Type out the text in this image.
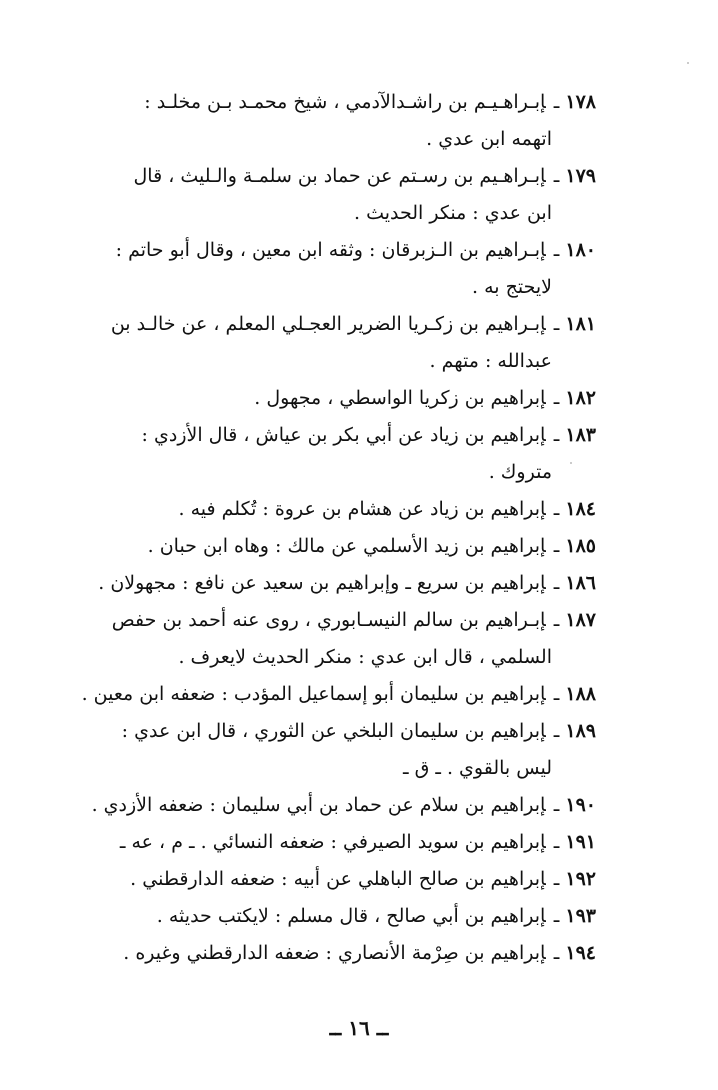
١٧٨ـإبـراهـيـم بن راشـدالآدمي ، شيخ محمـد بـن مخلـد :
اتهمه ابن عدي .
١٧٩ـإبـراهـيم بن رسـتم عن حماد بن سلمـة والـليث ، قال
ابن عدي : منكر الحديث .
١٨٠ـإبـراهيم بن الـزبرقان : وثقه ابن معين ، وقال أبو حاتم :
لايحتج به .
١٨١ـإبـراهيم بن زكـريا الضرير العجـلي المعلم ، عن خالـد بن
عبدالله : متهم .
١٨٢ـإبراهيم بن زكريا الواسطي ، مجهول .
١٨٣ـإبراهيم بن زياد عن أبي بكر بن عياش ، قال الأزدي :
متروك .
١٨٤ـإبراهيم بن زياد عن هشام بن عروة : تُكلم فيه .
١٨٥ـإبراهيم بن زيد الأسلمي عن مالك : وهاه ابن حبان .
١٨٦ـإبراهيم بن سريع ـ وإبراهيم بن سعيد عن نافع : مجهولان .
١٨٧ـإبـراهيم بن سالم النيسـابوري ، روى عنه أحمد بن حفص
السلمي ، قال ابن عدي : منكر الحديث لايعرف .
١٨٨ـإبراهيم بن سليمان أبو إسماعيل المؤدب : ضعفه ابن معين .
١٨٩ـإبراهيم بن سليمان البلخي عن الثوري ، قال ابن عدي :
ليس بالقوي . ـ ق ـ
١٩٠ـإبراهيم بن سلام عن حماد بن أبي سليمان : ضعفه الأزدي .
١٩١ـإبراهيم بن سويد الصيرفي : ضعفه النسائي . ـ م ، عه ـ
١٩٢ـإبراهيم بن صالح الباهلي عن أبيه : ضعفه الدارقطني .
١٩٣ـإبراهيم بن أبي صالح ، قال مسلم : لايكتب حديثه .
١٩٤ـإبراهيم بن صِرْمة الأنصاري : ضعفه الدارقطني وغيره .
ــ ١٦ ــ
